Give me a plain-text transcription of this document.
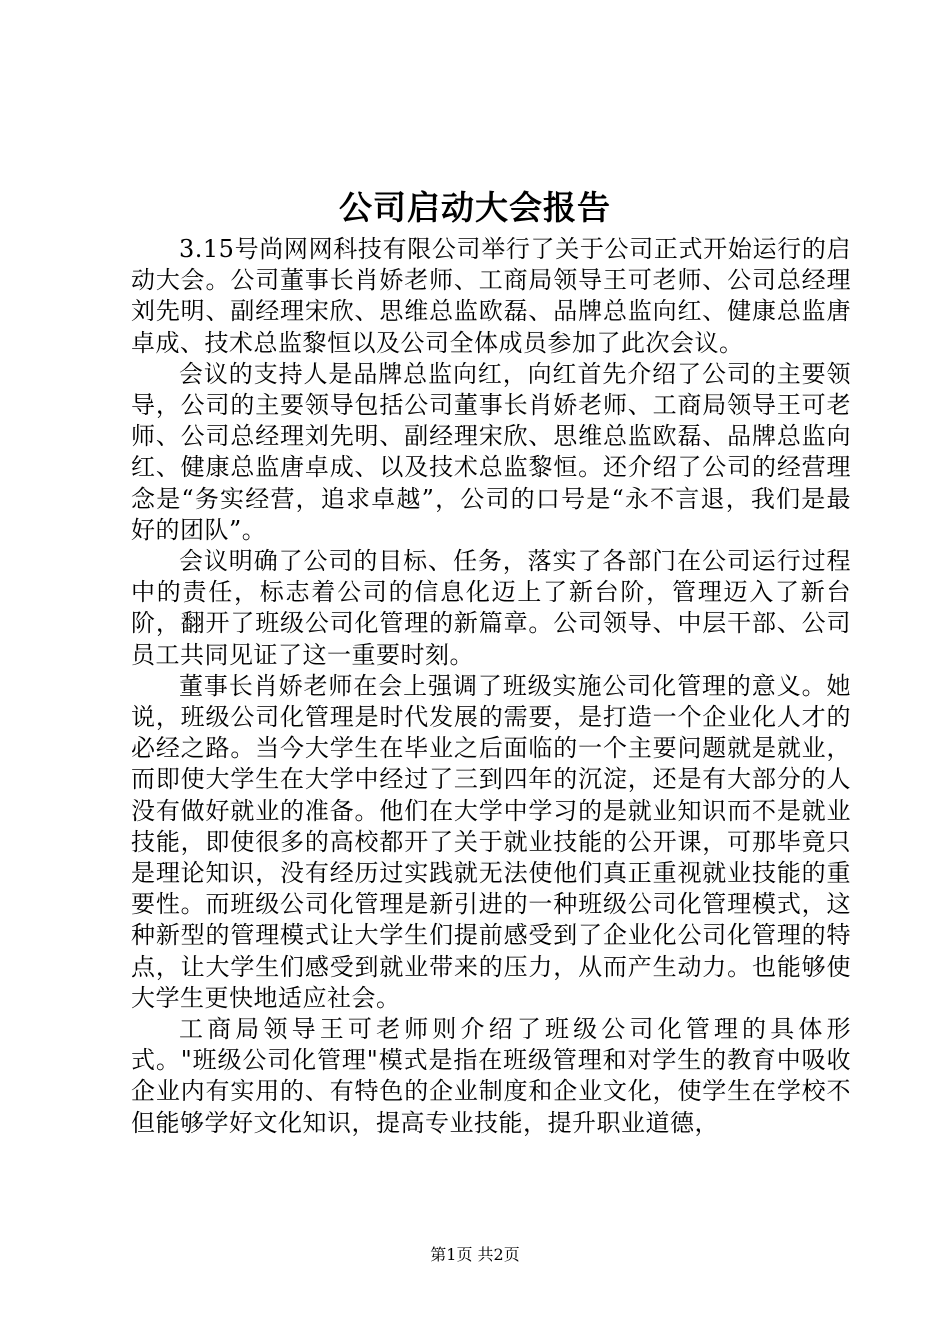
公司启动大会报告

3.15号尚网网科技有限公司举行了关于公司正式开始运行的启动大会。公司董事长肖娇老师、工商局领导王可老师、公司总经理刘先明、副经理宋欣、思维总监欧磊、品牌总监向红、健康总监唐卓成、技术总监黎恒以及公司全体成员参加了此次会议。

会议的支持人是品牌总监向红，向红首先介绍了公司的主要领导，公司的主要领导包括公司董事长肖娇老师、工商局领导王可老师、公司总经理刘先明、副经理宋欣、思维总监欧磊、品牌总监向红、健康总监唐卓成、以及技术总监黎恒。还介绍了公司的经营理念是“务实经营，追求卓越”，公司的口号是“永不言退，我们是最好的团队”。

会议明确了公司的目标、任务，落实了各部门在公司运行过程中的责任，标志着公司的信息化迈上了新台阶，管理迈入了新台阶，翻开了班级公司化管理的新篇章。公司领导、中层干部、公司员工共同见证了这一重要时刻。

董事长肖娇老师在会上强调了班级实施公司化管理的意义。她说，班级公司化管理是时代发展的需要，是打造一个企业化人才的必经之路。当今大学生在毕业之后面临的一个主要问题就是就业，而即使大学生在大学中经过了三到四年的沉淀，还是有大部分的人没有做好就业的准备。他们在大学中学习的是就业知识而不是就业技能，即使很多的高校都开了关于就业技能的公开课，可那毕竟只是理论知识，没有经历过实践就无法使他们真正重视就业技能的重要性。而班级公司化管理是新引进的一种班级公司化管理模式，这种新型的管理模式让大学生们提前感受到了企业化公司化管理的特点，让大学生们感受到就业带来的压力，从而产生动力。也能够使大学生更快地适应社会。

工商局领导王可老师则介绍了班级公司化管理的具体形式。"班级公司化管理"模式是指在班级管理和对学生的教育中吸收企业内有实用的、有特色的企业制度和企业文化，使学生在学校不但能够学好文化知识，提高专业技能，提升职业道德，

第1页 共2页
